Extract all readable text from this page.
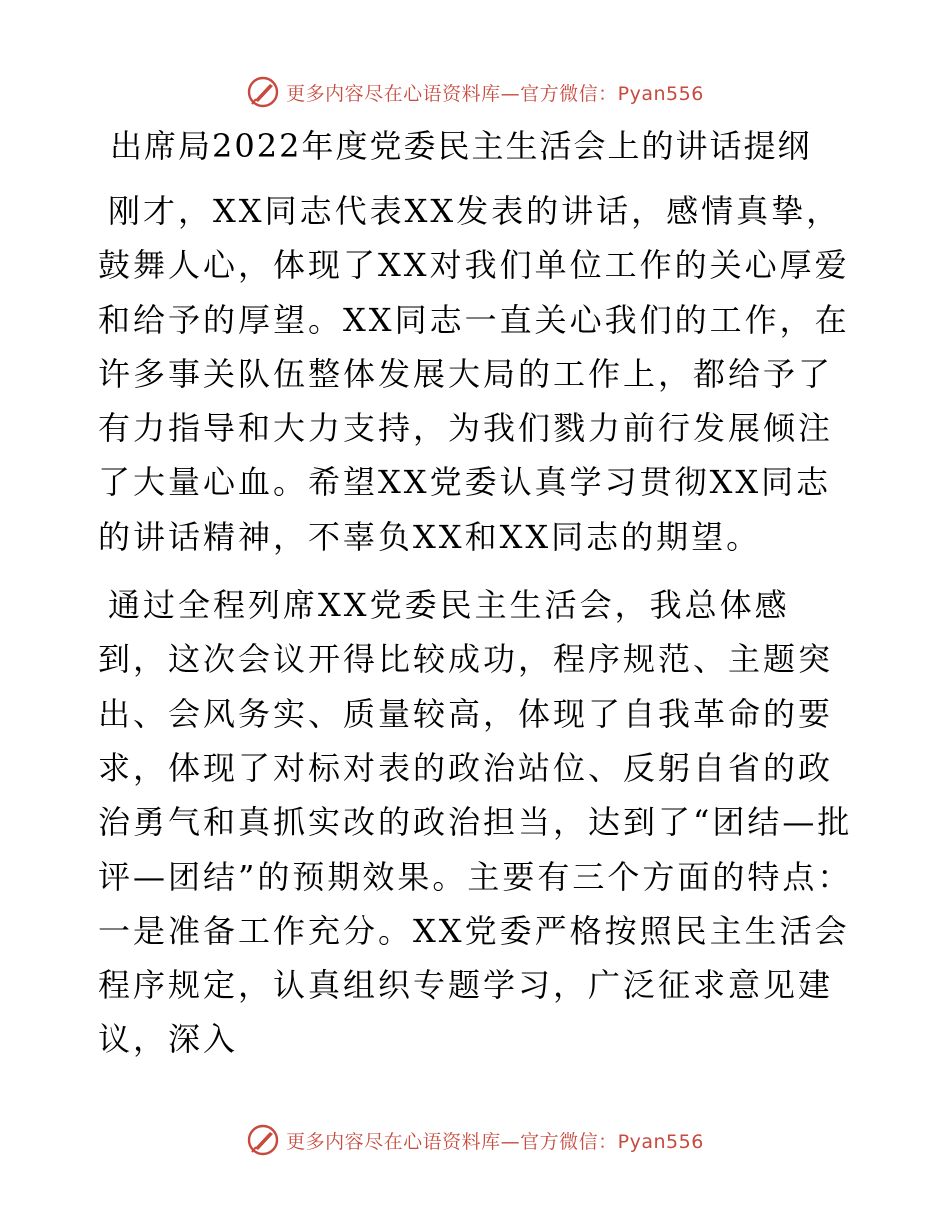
更多内容尽在心语资料库—官方微信：Pyan556
出席局2022年度党委民主生活会上的讲话提纲

刚才，XX同志代表XX发表的讲话，感情真挚，鼓舞人心，体现了XX对我们单位工作的关心厚爱和给予的厚望。XX同志一直关心我们的工作，在许多事关队伍整体发展大局的工作上，都给予了有力指导和大力支持，为我们戮力前行发展倾注了大量心血。希望XX党委认真学习贯彻XX同志的讲话精神，不辜负XX和XX同志的期望。

通过全程列席XX党委民主生活会，我总体感到，这次会议开得比较成功，程序规范、主题突出、会风务实、质量较高，体现了自我革命的要求，体现了对标对表的政治站位、反躬自省的政治勇气和真抓实改的政治担当，达到了“团结—批评—团结”的预期效果。主要有三个方面的特点：一是准备工作充分。XX党委严格按照民主生活会程序规定，认真组织专题学习，广泛征求意见建议，深入

更多内容尽在心语资料库—官方微信：Pyan556
